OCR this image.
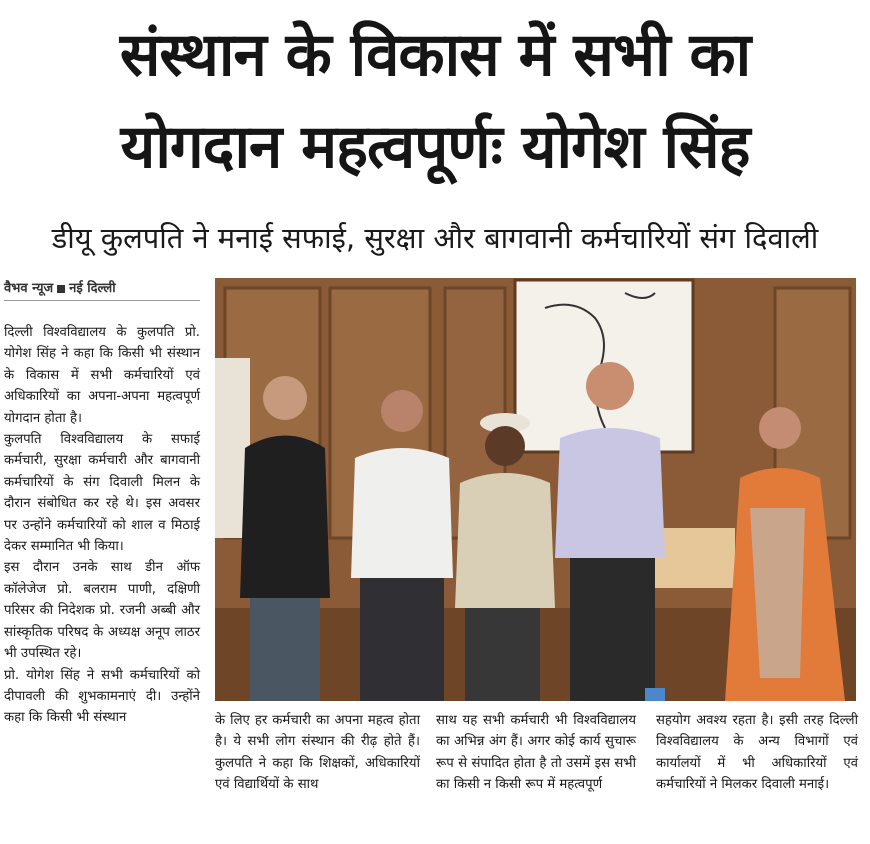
संस्थान के विकास में सभी का
योगदान महत्वपूर्णः योगेश सिंह
डीयू कुलपति ने मनाई सफाई, सुरक्षा और बागवानी कर्मचारियों संग दिवाली
वैभव न्यूज नई दिल्ली

दिल्ली विश्वविद्यालय के कुलपति प्रो. योगेश सिंह ने कहा कि किसी भी संस्थान के विकास में सभी कर्मचारियों एवं अधिकारियों का अपना-अपना महत्वपूर्ण योगदान होता है।

कुलपति विश्वविद्यालय के सफाई कर्मचारी, सुरक्षा कर्मचारी और बागवानी कर्मचारियों के संग दिवाली मिलन के दौरान संबोधित कर रहे थे। इस अवसर पर उन्होंने कर्मचारियों को शाल व मिठाई देकर सम्मानित भी किया।

इस दौरान उनके साथ डीन ऑफ कॉलेजेज प्रो. बलराम पाणी, दक्षिणी परिसर की निदेशक प्रो. रजनी अब्बी और सांस्कृतिक परिषद के अध्यक्ष अनूप लाठर भी उपस्थित रहे।

प्रो. योगेश सिंह ने सभी कर्मचारियों को दीपावली की शुभकामनाएं दी। उन्होंने कहा कि किसी भी संस्थान	के लिए हर कर्मचारी का अपना महत्व होता है। ये सभी लोग संस्थान की रीढ़ होते हैं। कुलपति ने कहा कि शिक्षकों, अधिकारियों एवं विद्यार्थियों के साथ
साथ यह सभी कर्मचारी भी विश्वविद्यालय का अभिन्न अंग हैं। अगर कोई कार्य सुचारू रूप से संपादित होता है तो उसमें इस सभी का किसी न किसी रूप में महत्वपूर्ण
सहयोग अवश्य रहता है। इसी तरह दिल्ली विश्वविद्यालय के अन्य विभागों एवं कार्यालयों में भी अधिकारियों एवं कर्मचारियों ने मिलकर दिवाली मनाई।
